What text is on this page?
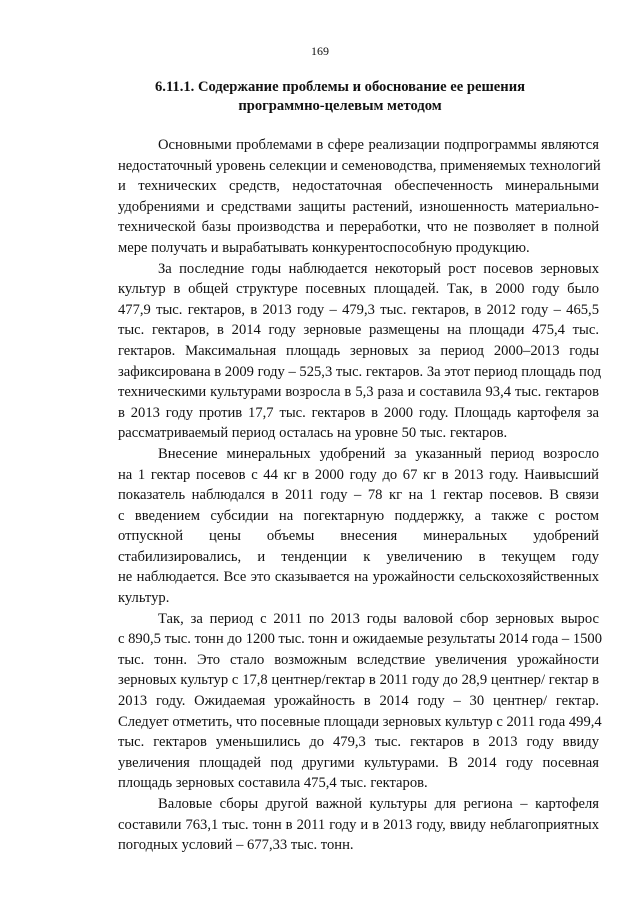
169
6.11.1. Содержание проблемы и обоснование ее решения
программно-целевым методом

Основными проблемами в сфере реализации подпрограммы являются
недостаточный уровень селекции и семеноводства, применяемых технологий
и технических средств, недостаточная обеспеченность минеральными
удобрениями и средствами защиты растений, изношенность материально-
технической базы производства и переработки, что не позволяет в полной
мере получать и вырабатывать конкурентоспособную продукцию.

За последние годы наблюдается некоторый рост посевов зерновых
культур в общей структуре посевных площадей. Так, в 2000 году было
477,9 тыс. гектаров, в 2013 году – 479,3 тыс. гектаров, в 2012 году – 465,5
тыс. гектаров, в 2014 году зерновые размещены на площади 475,4 тыс.
гектаров. Максимальная площадь зерновых за период 2000–2013 годы
зафиксирована в 2009 году – 525,3 тыс. гектаров. За этот период площадь под
техническими культурами возросла в 5,3 раза и составила 93,4 тыс. гектаров
в 2013 году против 17,7 тыс. гектаров в 2000 году. Площадь картофеля за
рассматриваемый период осталась на уровне 50 тыс. гектаров.

Внесение минеральных удобрений за указанный период возросло
на 1 гектар посевов с 44 кг в 2000 году до 67 кг в 2013 году. Наивысший
показатель наблюдался в 2011 году – 78 кг на 1 гектар посевов. В связи
с введением субсидии на погектарную поддержку, а также с ростом
отпускной цены объемы внесения минеральных удобрений
стабилизировались, и тенденции к увеличению в текущем году
не наблюдается. Все это сказывается на урожайности сельскохозяйственных
культур.

Так, за период с 2011 по 2013 годы валовой сбор зерновых вырос
с 890,5 тыс. тонн до 1200 тыс. тонн и ожидаемые результаты 2014 года – 1500
тыс. тонн. Это стало возможным вследствие увеличения урожайности
зерновых культур с 17,8 центнер/гектар в 2011 году до 28,9 центнер/ гектар в
2013 году. Ожидаемая урожайность в 2014 году – 30 центнер/ гектар.
Следует отметить, что посевные площади зерновых культур с 2011 года 499,4
тыс. гектаров уменьшились до 479,3 тыс. гектаров в 2013 году ввиду
увеличения площадей под другими культурами. В 2014 году посевная
площадь зерновых составила 475,4 тыс. гектаров.

Валовые сборы другой важной культуры для региона – картофеля
составили 763,1 тыс. тонн в 2011 году и в 2013 году, ввиду неблагоприятных
погодных условий – 677,33 тыс. тонн.
